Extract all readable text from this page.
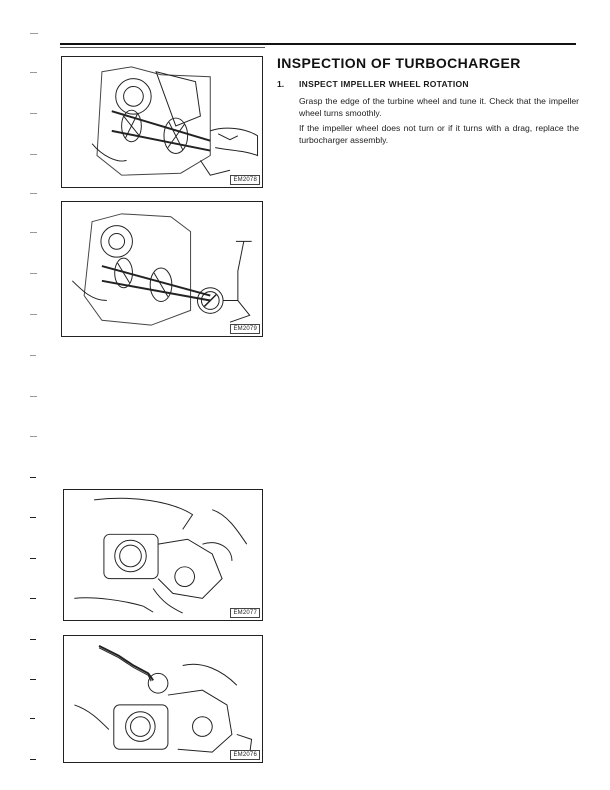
EM2078
EM2079
EM2077
EM2076
INSPECTION OF TURBOCHARGER
1. INSPECT IMPELLER WHEEL ROTATION

Grasp the edge of the turbine wheel and tune it. Check that the impeller wheel turns smoothly.

If the impeller wheel does not turn or if it turns with a drag, replace the turbocharger assembly.
